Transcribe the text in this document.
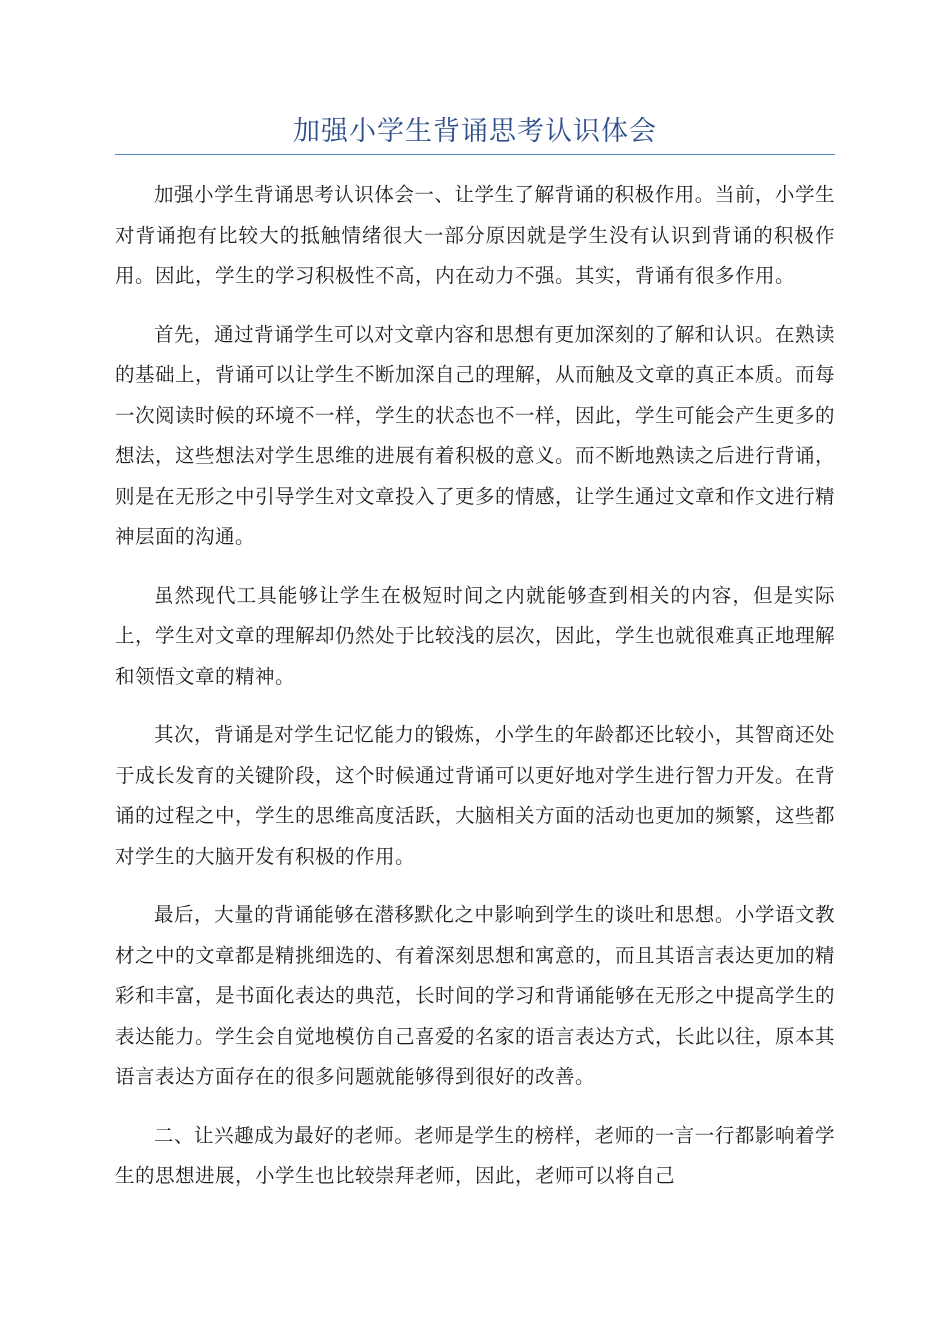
加强小学生背诵思考认识体会

加强小学生背诵思考认识体会一、让学生了解背诵的积极作用。当前，小学生对背诵抱有比较大的抵触情绪很大一部分原因就是学生没有认识到背诵的积极作用。因此，学生的学习积极性不高，内在动力不强。其实，背诵有很多作用。

首先，通过背诵学生可以对文章内容和思想有更加深刻的了解和认识。在熟读的基础上，背诵可以让学生不断加深自己的理解，从而触及文章的真正本质。而每一次阅读时候的环境不一样，学生的状态也不一样，因此，学生可能会产生更多的想法，这些想法对学生思维的进展有着积极的意义。而不断地熟读之后进行背诵，则是在无形之中引导学生对文章投入了更多的情感，让学生通过文章和作文进行精神层面的沟通。

虽然现代工具能够让学生在极短时间之内就能够查到相关的内容，但是实际上，学生对文章的理解却仍然处于比较浅的层次，因此，学生也就很难真正地理解和领悟文章的精神。

其次，背诵是对学生记忆能力的锻炼，小学生的年龄都还比较小，其智商还处于成长发育的关键阶段，这个时候通过背诵可以更好地对学生进行智力开发。在背诵的过程之中，学生的思维高度活跃，大脑相关方面的活动也更加的频繁，这些都对学生的大脑开发有积极的作用。

最后，大量的背诵能够在潜移默化之中影响到学生的谈吐和思想。小学语文教材之中的文章都是精挑细选的、有着深刻思想和寓意的，而且其语言表达更加的精彩和丰富，是书面化表达的典范，长时间的学习和背诵能够在无形之中提高学生的表达能力。学生会自觉地模仿自己喜爱的名家的语言表达方式，长此以往，原本其语言表达方面存在的很多问题就能够得到很好的改善。

二、让兴趣成为最好的老师。老师是学生的榜样，老师的一言一行都影响着学生的思想进展，小学生也比较崇拜老师，因此，老师可以将自己
